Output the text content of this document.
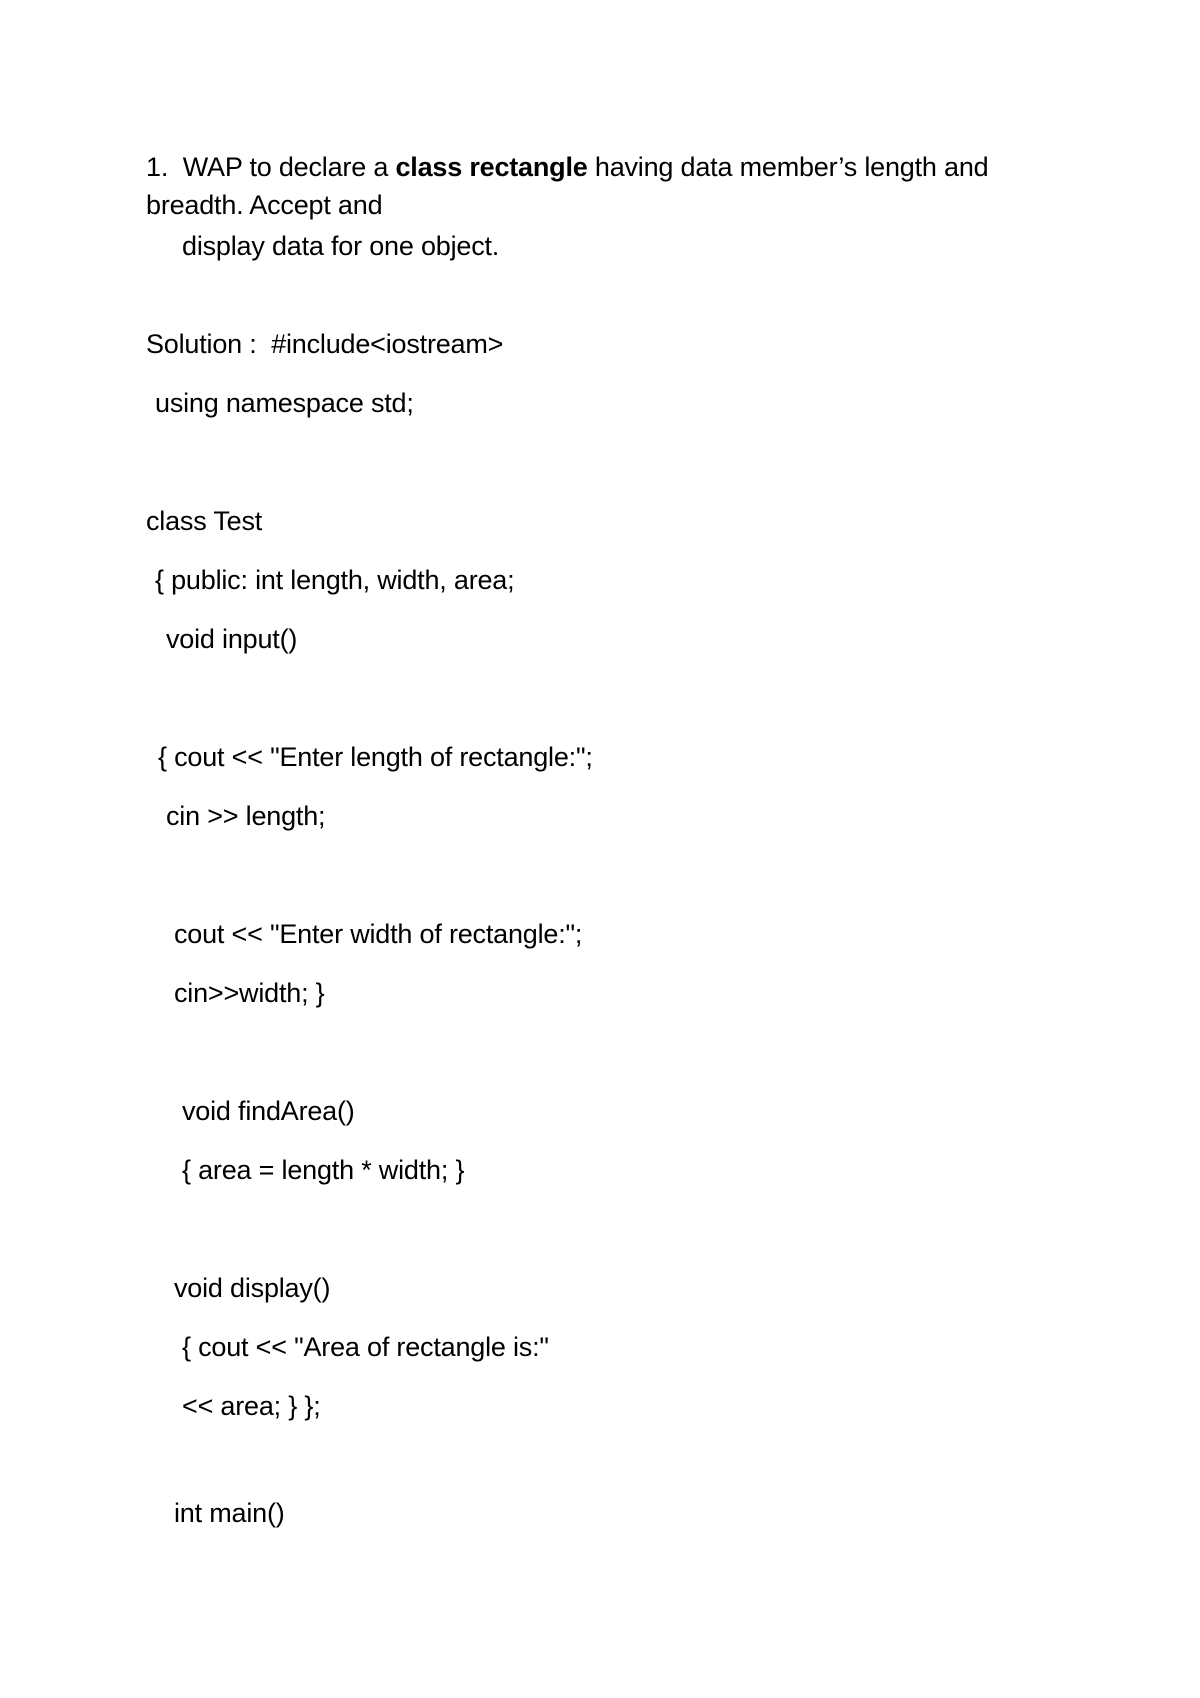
1. WAP to declare a class rectangle having data member’s length and
breadth. Accept and
display data for one object.
Solution : #include<iostream>
using namespace std;
class Test
{ public: int length, width, area;
void input()
{ cout << "Enter length of rectangle:";
cin >> length;
cout << "Enter width of rectangle:";
cin>>width; }
void findArea()
{ area = length * width; }
void display()
{ cout << "Area of rectangle is:"
<< area; } };
int main()
